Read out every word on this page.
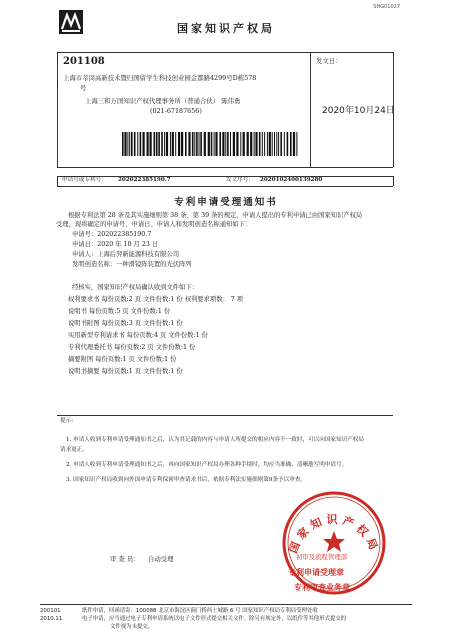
SHG01027
国家知识产权局
201108
上海市莘闵高新技术暨归国留学生科技创业园金都路4299号D栋578
号
上海三和万国知识产权代理事务所（普通合伙） 陈伟勇
(021-67187656)
发文日：
2020年10月24日
申请号或专利号： 202022385190.7	发文序号： 2020102400139280
专利申请受理通知书
根据专利法第 28 条及其实施细则第 38 条、第 39 条的规定，申请人提出的专利申请已由国家知识产权局
受理，现将确定的申请号、申请日、申请人和发明创造名称通知如下：
申请号：202022385190.7
申请日：2020 年 10 月 23 日
申请人：上海后羿新能源科技有限公司
发明创造名称：一种滑镜阵装置的光伏阵列
经核实，国家知识产权局确认收到文件如下：
权利要求书 每份页数:2 页 文件份数:1 份 权利要求项数： 7 项
说明书 每份页数:5 页 文件份数:1 份
说明书附图 每份页数:3 页 文件份数:1 份
实用新型专利请求书 每份页数:4 页 文件份数:1 份
专利代理委托书 每份页数:2 页 文件份数:1 份
摘要附图 每份页数:1 页 文件份数:1 份
说明书摘要 每份页数:1 页 文件份数:1 份
提示：
1. 申请人收到专利申请受理通知书之后，认为其记载的内容与申请人所提交的相应内容不一致时，可以向国家知识产权局
请求更正。
2. 申请人收到专利申请受理通知书之后，再向国家知识产权局办理各种手续时，均应当准确、清晰地写明申请号。
3. 国家知识产权局收到向外国申请专利保密审查请求书后，依据专利法实施细则第9条予以审查。
审 查 员： 自动受理
国家知识产权局
初审及流程管理部
专利申请受理章
专利审查业务章
200101
2010.11
纸件申请，回函请寄：100088 北京市海淀区蓟门桥西土城路 6 号 国家知识产权局专利局受理处收
电子申请，应当通过电子专利申请系统以电子文件形式提交相关文件。除另有规定外，以纸件等其他形式提交的
文件视为未提交。
